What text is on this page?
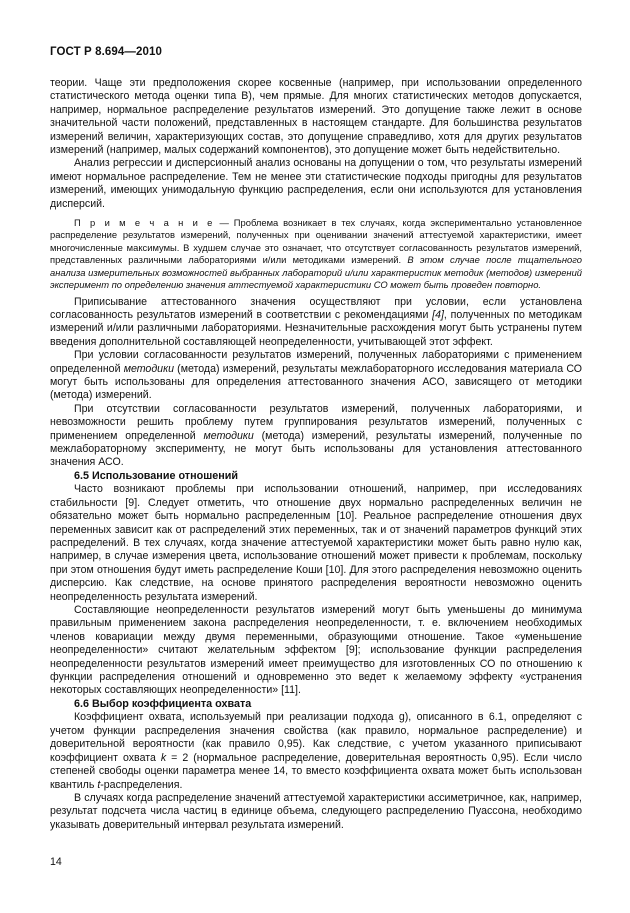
ГОСТ Р 8.694—2010

теории. Чаще эти предположения скорее косвенные (например, при использовании определенного статистического метода оценки типа В), чем прямые. Для многих статистических методов допускается, например, нормальное распределение результатов измерений. Это допущение также лежит в основе значительной части положений, представленных в настоящем стандарте. Для большинства результатов измерений величин, характеризующих состав, это допущение справедливо, хотя для других результатов измерений (например, малых содержаний компонентов), это допущение может быть недействительно.

Анализ регрессии и дисперсионный анализ основаны на допущении о том, что результаты измерений имеют нормальное распределение. Тем не менее эти статистические подходы пригодны для результатов измерений, имеющих унимодальную функцию распределения, если они используются для установления дисперсий.

П р и м е ч а н и е — Проблема возникает в тех случаях, когда экспериментально установленное распределение результатов измерений, полученных при оценивании значений аттестуемой характеристики, имеет многочисленные максимумы. В худшем случае это означает, что отсутствует согласованность результатов измерений, представленных различными лабораториями и/или методиками измерений. В этом случае после тщательного анализа измерительных возможностей выбранных лабораторий и/или характеристик методик (методов) измерений эксперимент по определению значения аттестуемой характеристики СО может быть проведен повторно.

Приписывание аттестованного значения осуществляют при условии, если установлена согласованность результатов измерений в соответствии с рекомендациями [4], полученных по методикам измерений и/или различными лабораториями. Незначительные расхождения могут быть устранены путем введения дополнительной составляющей неопределенности, учитывающей этот эффект.

При условии согласованности результатов измерений, полученных лабораториями с применением определенной методики (метода) измерений, результаты межлабораторного исследования материала СО могут быть использованы для определения аттестованного значения АСО, зависящего от методики (метода) измерений.

При отсутствии согласованности результатов измерений, полученных лабораториями, и невозможности решить проблему путем группирования результатов измерений, полученных с применением определенной методики (метода) измерений, результаты измерений, полученные по межлабораторному эксперименту, не могут быть использованы для установления аттестованного значения АСО.

6.5 Использование отношений

Часто возникают проблемы при использовании отношений, например, при исследованиях стабильности [9]. Следует отметить, что отношение двух нормально распределенных величин не обязательно может быть нормально распределенным [10]. Реальное распределение отношения двух переменных зависит как от распределений этих переменных, так и от значений параметров функций этих распределений. В тех случаях, когда значение аттестуемой характеристики может быть равно нулю как, например, в случае измерения цвета, использование отношений может привести к проблемам, поскольку при этом отношения будут иметь распределение Коши [10]. Для этого распределения невозможно оценить дисперсию. Как следствие, на основе принятого распределения вероятности невозможно оценить неопределенность результата измерений.

Составляющие неопределенности результатов измерений могут быть уменьшены до минимума правильным применением закона распределения неопределенности, т. е. включением необходимых членов ковариации между двумя переменными, образующими отношение. Такое «уменьшение неопределенности» считают желательным эффектом [9]; использование функции распределения неопределенности результатов измерений имеет преимущество для изготовленных СО по отношению к функции распределения отношений и одновременно это ведет к желаемому эффекту «устранения некоторых составляющих неопределенности» [11].

6.6 Выбор коэффициента охвата

Коэффициент охвата, используемый при реализации подхода g), описанного в 6.1, определяют с учетом функции распределения значения свойства (как правило, нормальное распределение) и доверительной вероятности (как правило 0,95). Как следствие, с учетом указанного приписывают коэффициент охвата k = 2 (нормальное распределение, доверительная вероятность 0,95). Если число степеней свободы оценки параметра менее 14, то вместо коэффициента охвата может быть использован квантиль t-распределения.

В случаях когда распределение значений аттестуемой характеристики ассиметричное, как, например, результат подсчета числа частиц в единице объема, следующего распределению Пуассона, необходимо указывать доверительный интервал результата измерений.

14
